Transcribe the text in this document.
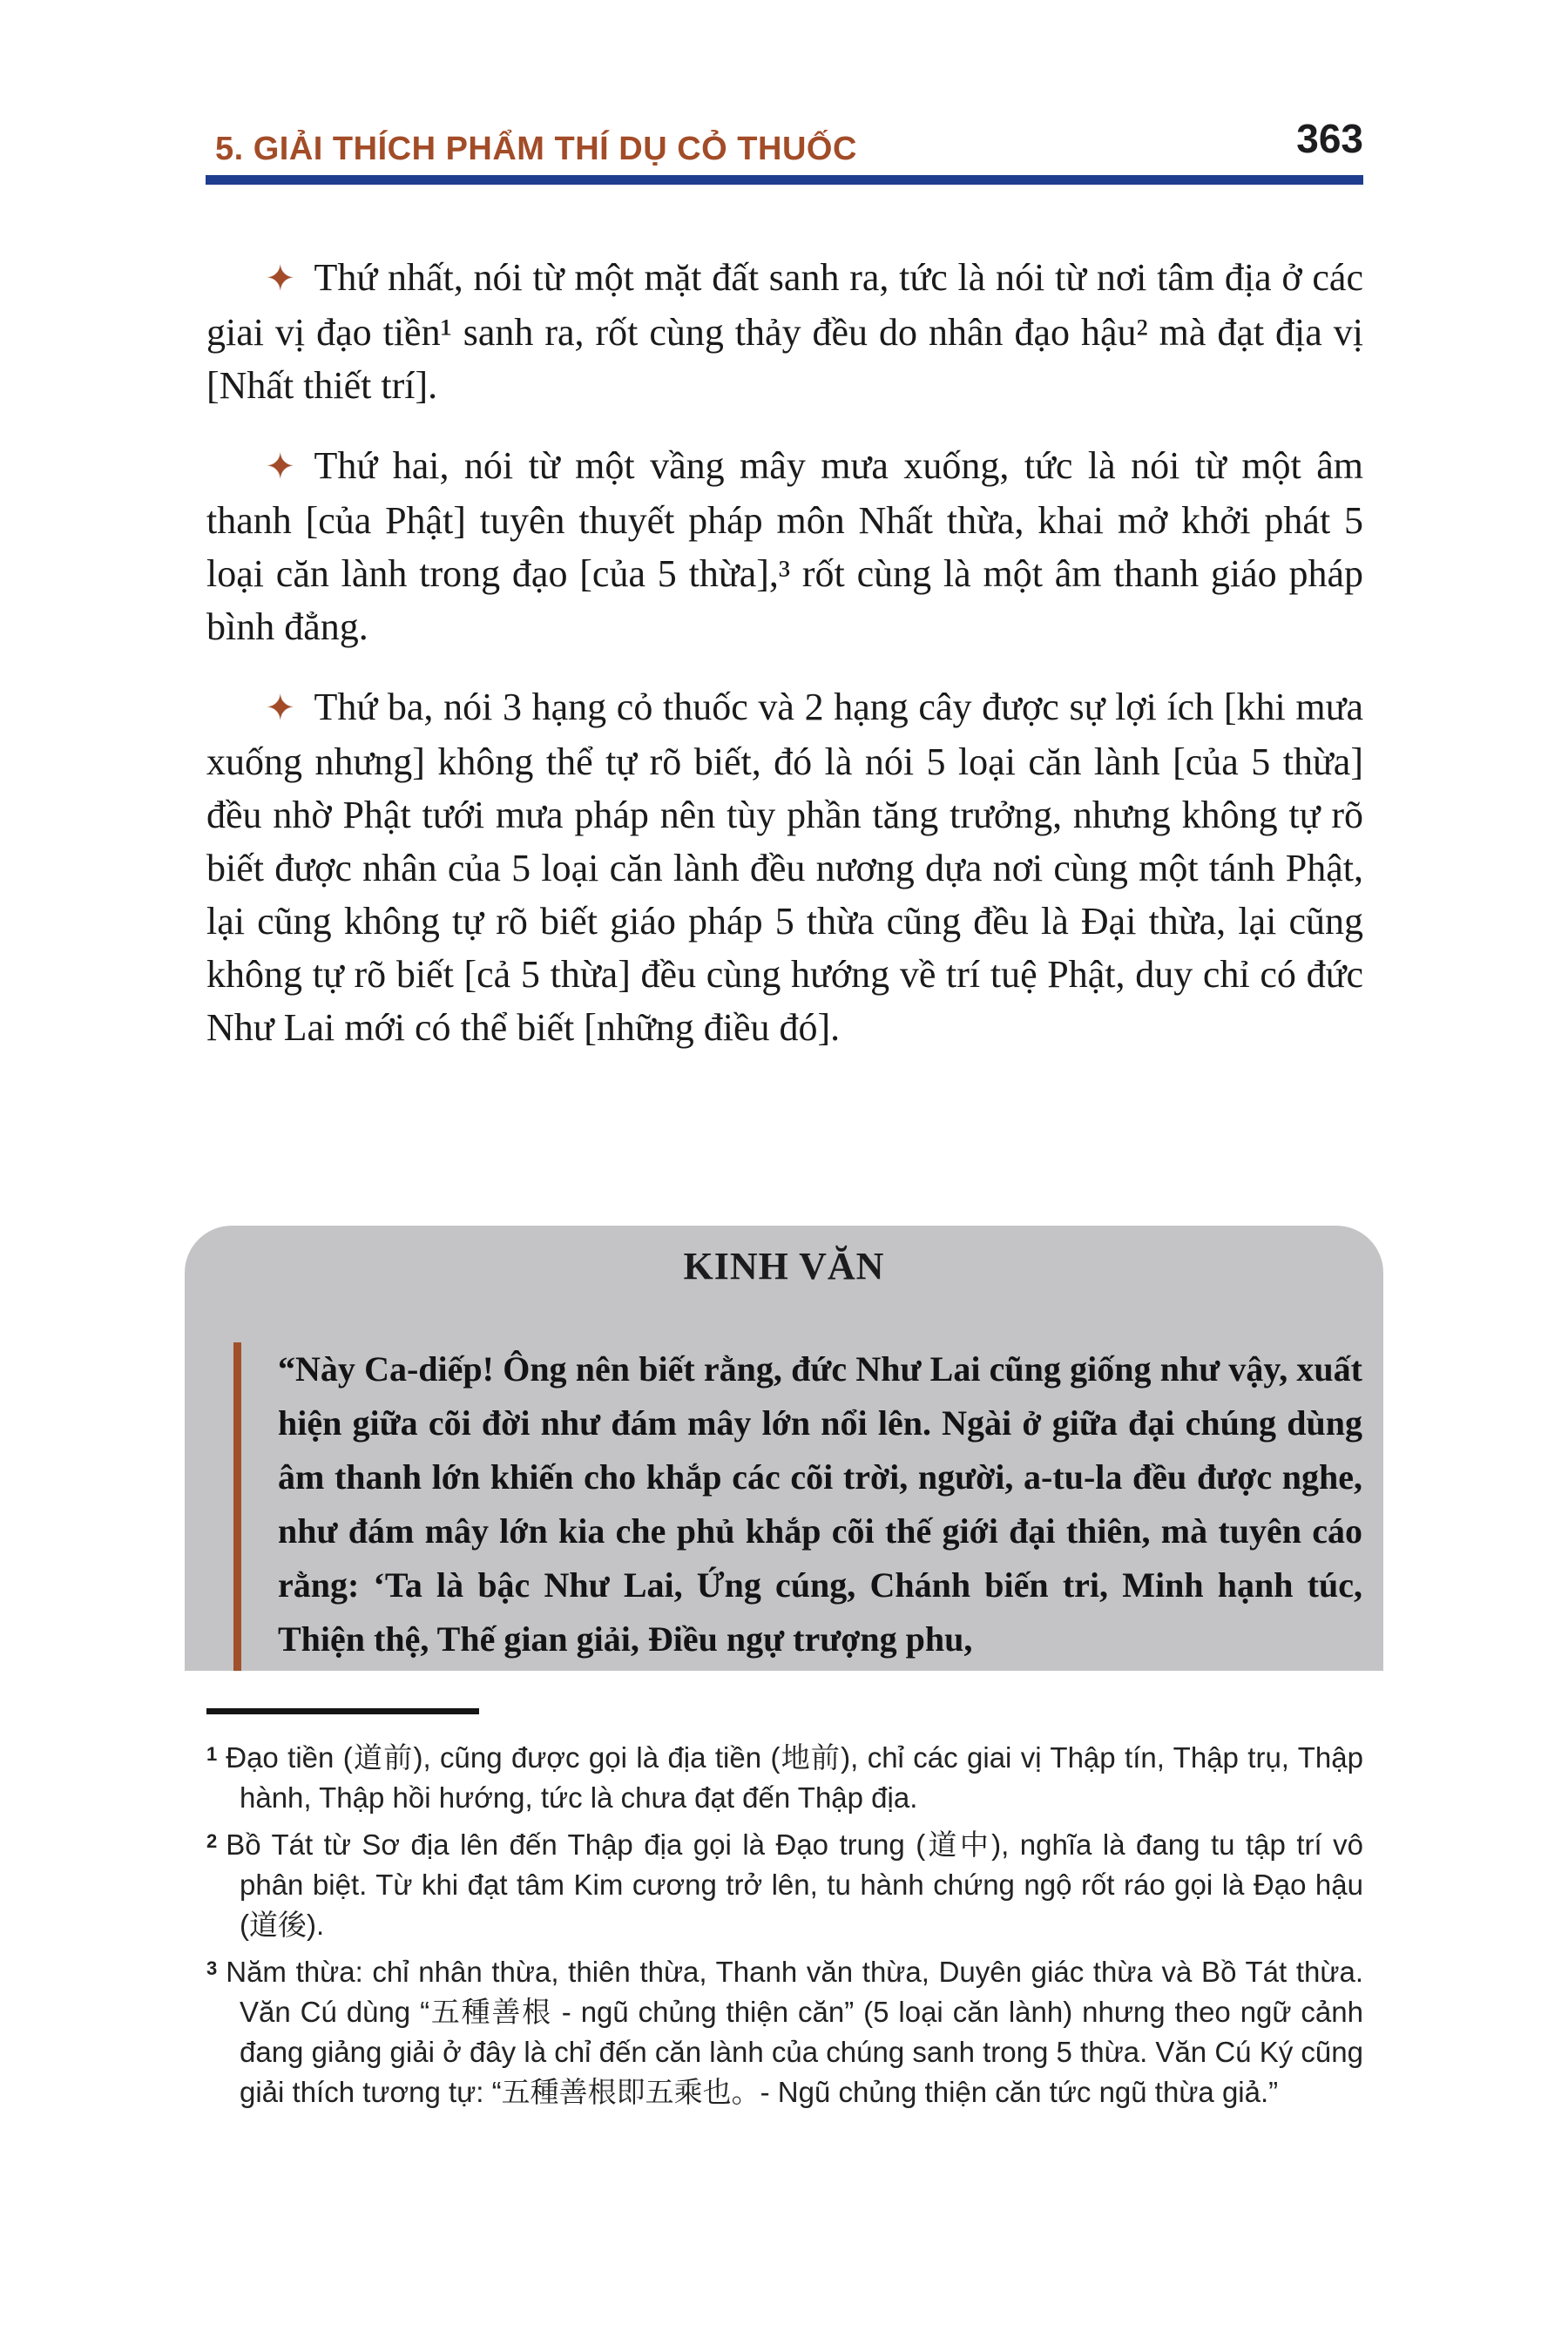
5. GIẢI THÍCH PHẨM THÍ DỤ CỎ THUỐC	363

✦ Thứ nhất, nói từ một mặt đất sanh ra, tức là nói từ nơi tâm địa ở các giai vị đạo tiền¹ sanh ra, rốt cùng thảy đều do nhân đạo hậu² mà đạt địa vị [Nhất thiết trí].

✦ Thứ hai, nói từ một vầng mây mưa xuống, tức là nói từ một âm thanh [của Phật] tuyên thuyết pháp môn Nhất thừa, khai mở khởi phát 5 loại căn lành trong đạo [của 5 thừa],³ rốt cùng là một âm thanh giáo pháp bình đẳng.

✦ Thứ ba, nói 3 hạng cỏ thuốc và 2 hạng cây được sự lợi ích [khi mưa xuống nhưng] không thể tự rõ biết, đó là nói 5 loại căn lành [của 5 thừa] đều nhờ Phật tưới mưa pháp nên tùy phần tăng trưởng, nhưng không tự rõ biết được nhân của 5 loại căn lành đều nương dựa nơi cùng một tánh Phật, lại cũng không tự rõ biết giáo pháp 5 thừa cũng đều là Đại thừa, lại cũng không tự rõ biết [cả 5 thừa] đều cùng hướng về trí tuệ Phật, duy chỉ có đức Như Lai mới có thể biết [những điều đó].

KINH VĂN

“Này Ca-diếp! Ông nên biết rằng, đức Như Lai cũng giống như vậy, xuất hiện giữa cõi đời như đám mây lớn nổi lên. Ngài ở giữa đại chúng dùng âm thanh lớn khiến cho khắp các cõi trời, người, a-tu-la đều được nghe, như đám mây lớn kia che phủ khắp cõi thế giới đại thiên, mà tuyên cáo rằng: ‘Ta là bậc Như Lai, Ứng cúng, Chánh biến tri, Minh hạnh túc, Thiện thệ, Thế gian giải, Điều ngự trượng phu,

$^1$ Đạo tiền (道前), cũng được gọi là địa tiền (地前), chỉ các giai vị Thập tín, Thập trụ, Thập hành, Thập hồi hướng, tức là chưa đạt đến Thập địa.
$^2$ Bồ Tát từ Sơ địa lên đến Thập địa gọi là Đạo trung (道中), nghĩa là đang tu tập trí vô phân biệt. Từ khi đạt tâm Kim cương trở lên, tu hành chứng ngộ rốt ráo gọi là Đạo hậu (道後).
$^3$ Năm thừa: chỉ nhân thừa, thiên thừa, Thanh văn thừa, Duyên giác thừa và Bồ Tát thừa. Văn Cú dùng “五種善根 - ngũ chủng thiện căn” (5 loại căn lành) nhưng theo ngữ cảnh đang giảng giải ở đây là chỉ đến căn lành của chúng sanh trong 5 thừa. Văn Cú Ký cũng giải thích tương tự: “五種善根即五乘也。- Ngũ chủng thiện căn tức ngũ thừa giả.”
